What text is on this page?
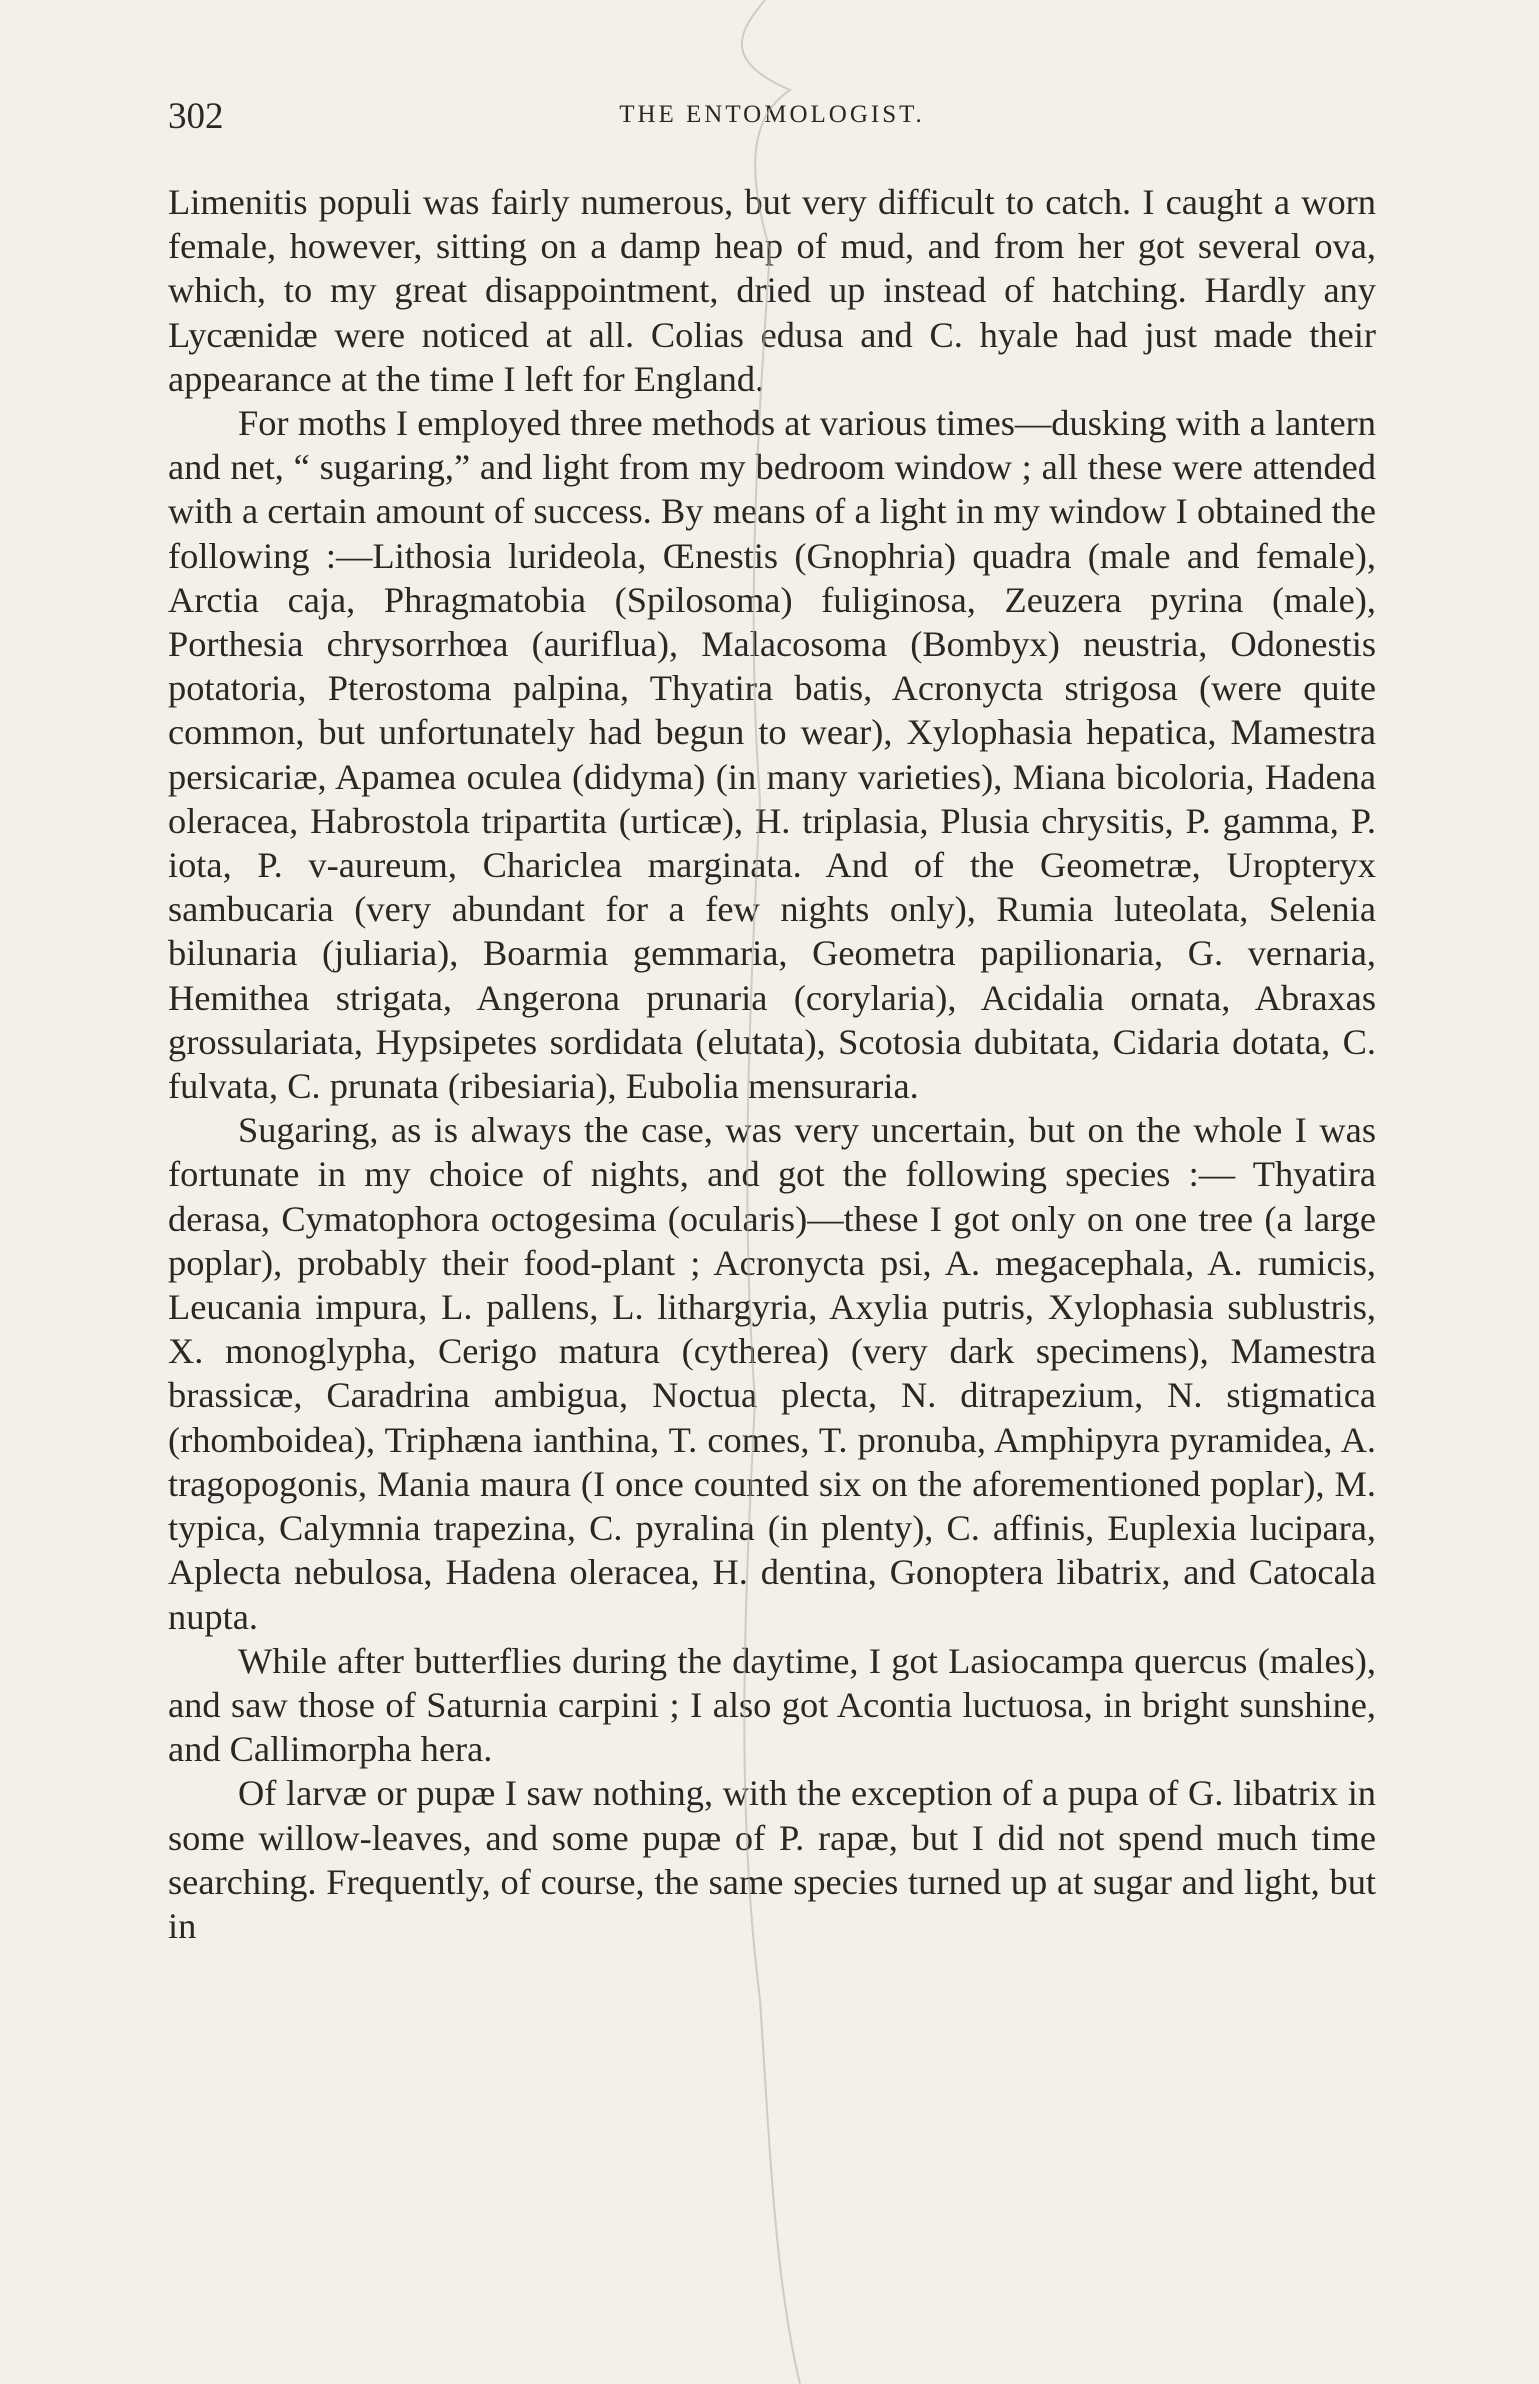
302	THE ENTOMOLOGIST.

Limenitis populi was fairly numerous, but very difficult to catch. I caught a worn female, however, sitting on a damp heap of mud, and from her got several ova, which, to my great disappointment, dried up instead of hatching. Hardly any Lycænidæ were noticed at all. Colias edusa and C. hyale had just made their appearance at the time I left for England.

For moths I employed three methods at various times—dusking with a lantern and net, “ sugaring,” and light from my bedroom window ; all these were attended with a certain amount of success. By means of a light in my window I obtained the following :—Lithosia lurideola, Œnestis (Gnophria) quadra (male and female), Arctia caja, Phragmatobia (Spilosoma) fuliginosa, Zeuzera pyrina (male), Porthesia chrysorrhœa (auriflua), Malacosoma (Bombyx) neustria, Odonestis potatoria, Pterostoma palpina, Thyatira batis, Acronycta strigosa (were quite common, but unfortunately had begun to wear), Xylophasia hepatica, Mamestra persicariæ, Apamea oculea (didyma) (in many varieties), Miana bicoloria, Hadena oleracea, Habrostola tripartita (urticæ), H. triplasia, Plusia chrysitis, P. gamma, P. iota, P. v-aureum, Chariclea marginata. And of the Geometræ, Uropteryx sambucaria (very abundant for a few nights only), Rumia luteolata, Selenia bilunaria (juliaria), Boarmia gemmaria, Geometra papilionaria, G. vernaria, Hemithea strigata, Angerona prunaria (corylaria), Acidalia ornata, Abraxas grossulariata, Hypsipetes sordidata (elutata), Scotosia dubitata, Cidaria dotata, C. fulvata, C. prunata (ribesiaria), Eubolia mensuraria.

Sugaring, as is always the case, was very uncertain, but on the whole I was fortunate in my choice of nights, and got the following species :— Thyatira derasa, Cymatophora octogesima (ocularis)—these I got only on one tree (a large poplar), probably their food-plant ; Acronycta psi, A. megacephala, A. rumicis, Leucania impura, L. pallens, L. lithargyria, Axylia putris, Xylophasia sublustris, X. monoglypha, Cerigo matura (cytherea) (very dark specimens), Mamestra brassicæ, Caradrina ambigua, Noctua plecta, N. ditrapezium, N. stigmatica (rhomboidea), Triphæna ianthina, T. comes, T. pronuba, Amphipyra pyramidea, A. tragopogonis, Mania maura (I once counted six on the aforementioned poplar), M. typica, Calymnia trapezina, C. pyralina (in plenty), C. affinis, Euplexia lucipara, Aplecta nebulosa, Hadena oleracea, H. dentina, Gonoptera libatrix, and Catocala nupta.

While after butterflies during the daytime, I got Lasiocampa quercus (males), and saw those of Saturnia carpini ; I also got Acontia luctuosa, in bright sunshine, and Callimorpha hera.

Of larvæ or pupæ I saw nothing, with the exception of a pupa of G. libatrix in some willow-leaves, and some pupæ of P. rapæ, but I did not spend much time searching. Frequently, of course, the same species turned up at sugar and light, but in
